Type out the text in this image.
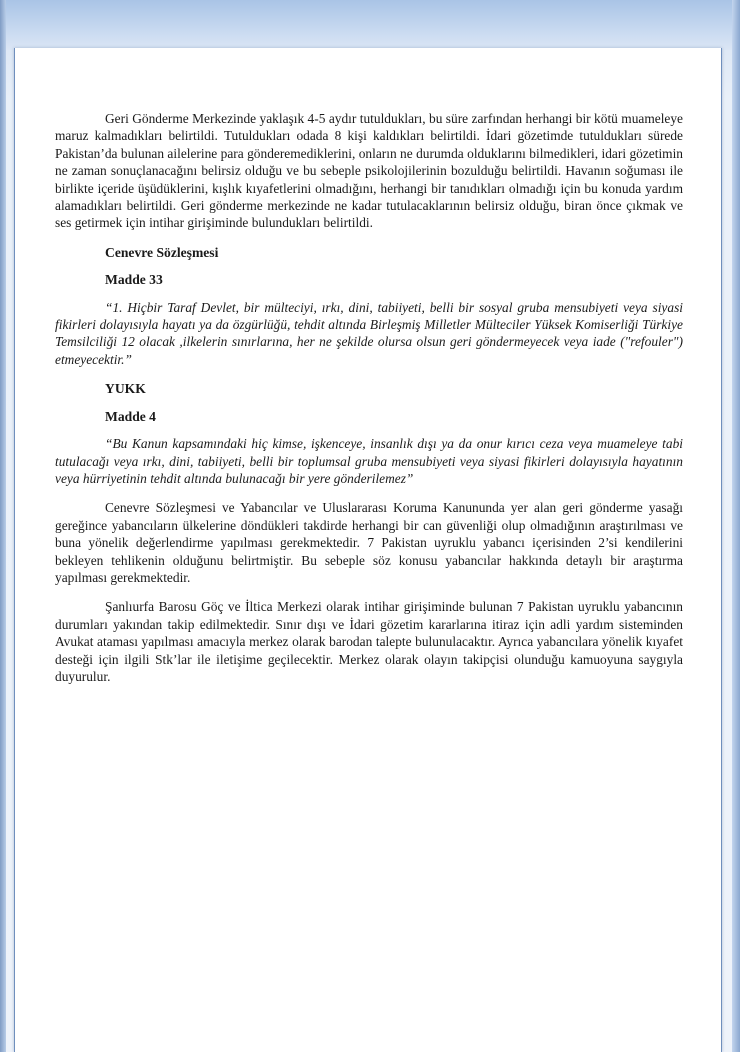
Geri Gönderme Merkezinde yaklaşık 4-5 aydır tutuldukları, bu süre zarfından herhangi bir kötü muameleye maruz kalmadıkları belirtildi. Tutuldukları odada 8 kişi kaldıkları belirtildi. İdari gözetimde tutuldukları sürede Pakistan’da bulunan ailelerine para gönderemediklerini, onların ne durumda olduklarını bilmedikleri, idari gözetimin ne zaman sonuçlanacağını belirsiz olduğu ve bu sebeple psikolojilerinin bozulduğu belirtildi. Havanın soğuması ile birlikte içeride üşüdüklerini, kışlık kıyafetlerini olmadığını, herhangi bir tanıdıkları olmadığı için bu konuda yardım alamadıkları belirtildi. Geri gönderme merkezinde ne kadar tutulacaklarının belirsiz olduğu, biran önce çıkmak ve ses getirmek için intihar girişiminde bulundukları belirtildi.

Cenevre Sözleşmesi
Madde 33

“1. Hiçbir Taraf Devlet, bir mülteciyi, ırkı, dini, tabiiyeti, belli bir sosyal gruba mensubiyeti veya siyasi fikirleri dolayısıyla hayatı ya da özgürlüğü, tehdit altında Birleşmiş Milletler Mülteciler Yüksek Komiserliği Türkiye Temsilciliği 12 olacak ,ilkelerin sınırlarına, her ne şekilde olursa olsun geri göndermeyecek veya iade ("refouler") etmeyecektir.”

YUKK
Madde 4

“Bu Kanun kapsamındaki hiç kimse, işkenceye, insanlık dışı ya da onur kırıcı ceza veya muameleye tabi tutulacağı veya ırkı, dini, tabiiyeti, belli bir toplumsal gruba mensubiyeti veya siyasi fikirleri dolayısıyla hayatının veya hürriyetinin tehdit altında bulunacağı bir yere gönderilemez”

Cenevre Sözleşmesi ve Yabancılar ve Uluslararası Koruma Kanununda yer alan geri gönderme yasağı gereğince yabancıların ülkelerine döndükleri takdirde herhangi bir can güvenliği olup olmadığının araştırılması ve buna yönelik değerlendirme yapılması gerekmektedir. 7 Pakistan uyruklu yabancı içerisinden 2’si kendilerini bekleyen tehlikenin olduğunu belirtmiştir. Bu sebeple söz konusu yabancılar hakkında detaylı bir araştırma yapılması gerekmektedir.

Şanlıurfa Barosu Göç ve İltica Merkezi olarak intihar girişiminde bulunan 7 Pakistan uyruklu yabancının durumları yakından takip edilmektedir. Sınır dışı ve İdari gözetim kararlarına itiraz için adli yardım sisteminden Avukat ataması yapılması amacıyla merkez olarak barodan talepte bulunulacaktır. Ayrıca yabancılara yönelik kıyafet desteği için ilgili Stk’lar ile iletişime geçilecektir. Merkez olarak olayın takipçisi olunduğu kamuoyuna saygıyla duyurulur.
